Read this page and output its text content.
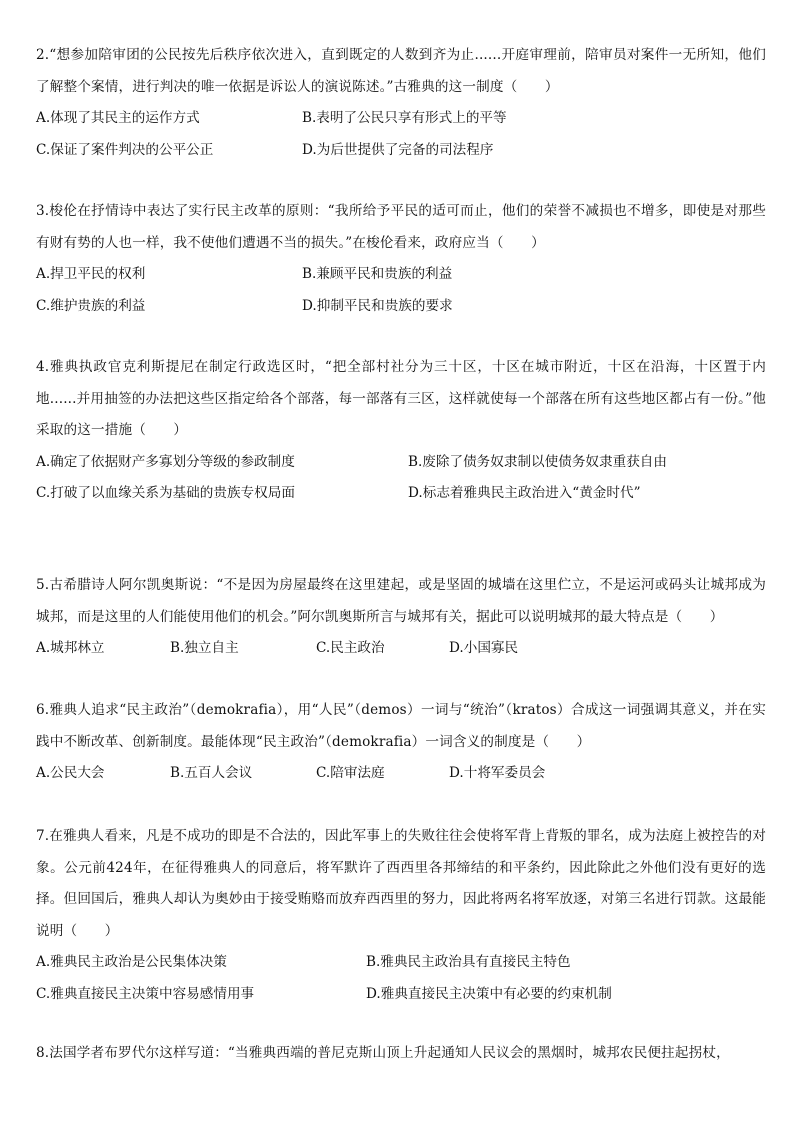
2.“想参加陪审团的公民按先后秩序依次进入，直到既定的人数到齐为止......开庭审理前，陪审员对案件一无所知，他们了解整个案情，进行判决的唯一依据是诉讼人的演说陈述。”古雅典的这一制度（　　）

A.体现了其民主的运作方式	B.表明了公民只享有形式上的平等
C.保证了案件判决的公平公正	D.为后世提供了完备的司法程序

3.梭伦在抒情诗中表达了实行民主改革的原则：“我所给予平民的适可而止，他们的荣誉不减损也不增多，即使是对那些有财有势的人也一样，我不使他们遭遇不当的损失。”在梭伦看来，政府应当（　　）

A.捍卫平民的权利	B.兼顾平民和贵族的利益
C.维护贵族的利益	D.抑制平民和贵族的要求

4.雅典执政官克利斯提尼在制定行政选区时，“把全部村社分为三十区，十区在城市附近，十区在沿海，十区置于内地......并用抽签的办法把这些区指定给各个部落，每一部落有三区，这样就使每一个部落在所有这些地区都占有一份。”他采取的这一措施（　　）

A.确定了依据财产多寡划分等级的参政制度	B.废除了债务奴隶制以使债务奴隶重获自由
C.打破了以血缘关系为基础的贵族专权局面	D.标志着雅典民主政治进入“黄金时代”

5.古希腊诗人阿尔凯奥斯说：“不是因为房屋最终在这里建起，或是坚固的城墙在这里伫立，不是运河或码头让城邦成为城邦，而是这里的人们能使用他们的机会。”阿尔凯奥斯所言与城邦有关，据此可以说明城邦的最大特点是（　　）

A.城邦林立	B.独立自主	C.民主政治	D.小国寡民

6.雅典人追求“民主政治”（demokrafia），用“人民”（demos）一词与“统治”（kratos）合成这一词强调其意义，并在实践中不断改革、创新制度。最能体现“民主政治”（demokrafia）一词含义的制度是（　　）

A.公民大会	B.五百人会议	C.陪审法庭	D.十将军委员会

7.在雅典人看来，凡是不成功的即是不合法的，因此军事上的失败往往会使将军背上背叛的罪名，成为法庭上被控告的对象。公元前424年，在征得雅典人的同意后，将军默许了西西里各邦缔结的和平条约，因此除此之外他们没有更好的选择。但回国后，雅典人却认为奥妙由于接受贿赂而放弃西西里的努力，因此将两名将军放逐，对第三名进行罚款。这最能说明（　　）

A.雅典民主政治是公民集体决策	B.雅典民主政治具有直接民主特色
C.雅典直接民主决策中容易感情用事	D.雅典直接民主决策中有必要的约束机制

8.法国学者布罗代尔这样写道：“当雅典西端的普尼克斯山顶上升起通知人民议会的黑烟时，城邦农民便拄起拐杖，
